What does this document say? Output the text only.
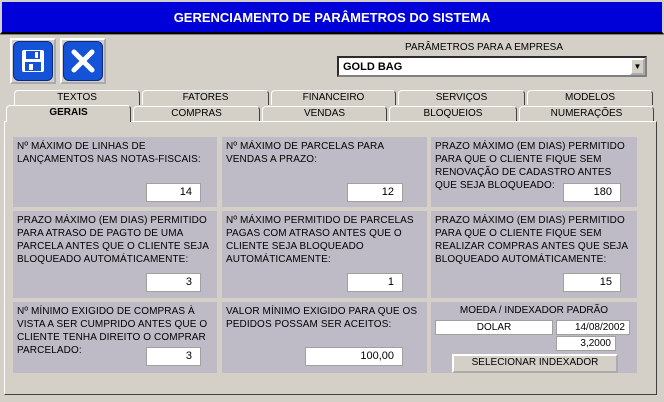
GERENCIAMENTO DE PARÂMETROS DO SISTEMA
PARÂMETROS PARA A EMPRESA
GOLD BAG	▼
TEXTOS	FATORES	FINANCEIRO	SERVIÇOS	MODELOS
GERAIS	COMPRAS	VENDAS	BLOQUEIOS	NUMERAÇÕES
Nº MÁXIMO DE LINHAS DE LANÇAMENTOS NAS NOTAS-FISCAIS:
14
Nº MÁXIMO DE PARCELAS PARA VENDAS A PRAZO:
12
PRAZO MÁXIMO (EM DIAS) PERMITIDO PARA QUE O CLIENTE FIQUE SEM RENOVAÇÃO DE CADASTRO ANTES QUE SEJA BLOQUEADO:
180
PRAZO MÁXIMO (EM DIAS) PERMITIDO PARA ATRASO DE PAGTO DE UMA PARCELA ANTES QUE O CLIENTE SEJA BLOQUEADO AUTOMÁTICAMENTE:
3
Nº MÁXIMO PERMITIDO DE PARCELAS PAGAS COM ATRASO ANTES QUE O CLIENTE SEJA BLOQUEADO AUTOMÁTICAMENTE:
1
PRAZO MÁXIMO (EM DIAS) PERMITIDO PARA QUE O CLIENTE FIQUE SEM REALIZAR COMPRAS ANTES QUE SEJA BLOQUEADO AUTOMÁTICAMENTE:
15
Nº MÍNIMO EXIGIDO DE COMPRAS À VISTA A SER CUMPRIDO ANTES QUE O CLIENTE TENHA DIREITO O COMPRAR PARCELADO:	3
VALOR MÍNIMO EXIGIDO PARA QUE OS PEDIDOS POSSAM SER ACEITOS:
100,00
MOEDA / INDEXADOR PADRÃO
DOLAR	14/08/2002
3,2000
SELECIONAR INDEXADOR
